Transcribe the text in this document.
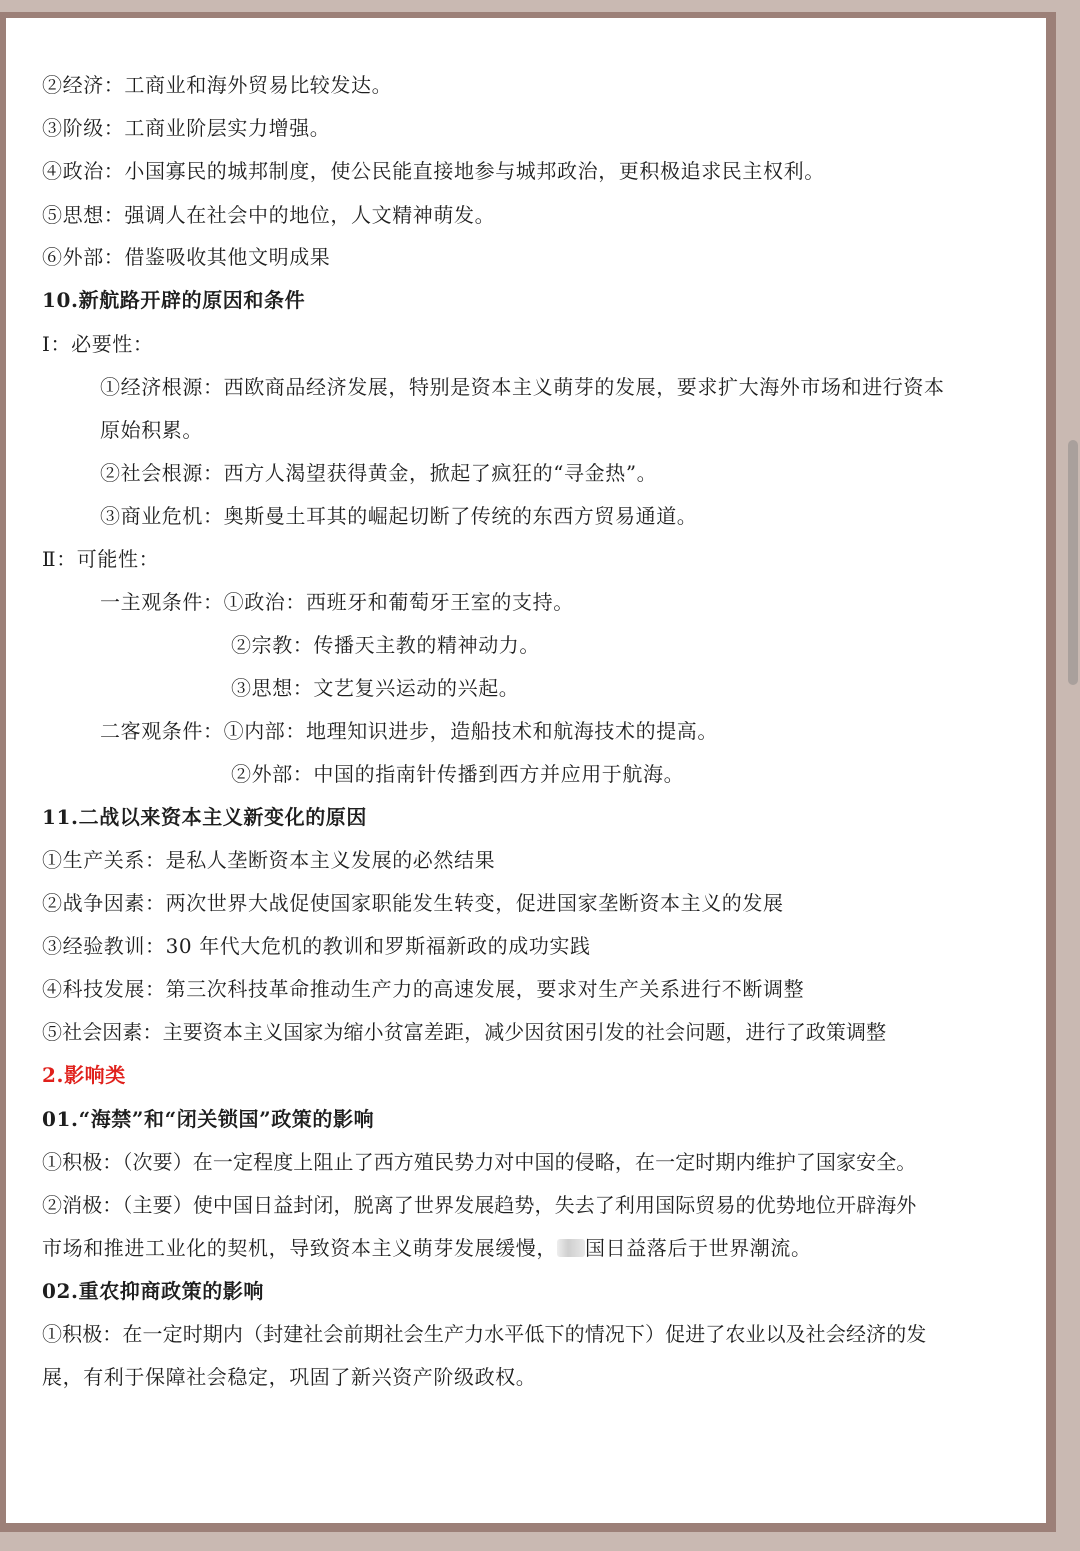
②经济：工商业和海外贸易比较发达。
③阶级：工商业阶层实力增强。
④政治：小国寡民的城邦制度，使公民能直接地参与城邦政治，更积极追求民主权利。
⑤思想：强调人在社会中的地位，人文精神萌发。
⑥外部：借鉴吸收其他文明成果
10.新航路开辟的原因和条件
Ⅰ：必要性：
①经济根源：西欧商品经济发展，特别是资本主义萌芽的发展，要求扩大海外市场和进行资本
原始积累。
②社会根源：西方人渴望获得黄金，掀起了疯狂的“寻金热”。
③商业危机：奥斯曼土耳其的崛起切断了传统的东西方贸易通道。
Ⅱ：可能性：
一主观条件：①政治：西班牙和葡萄牙王室的支持。
②宗教：传播天主教的精神动力。
③思想：文艺复兴运动的兴起。
二客观条件：①内部：地理知识进步，造船技术和航海技术的提高。
②外部：中国的指南针传播到西方并应用于航海。
11.二战以来资本主义新变化的原因
①生产关系：是私人垄断资本主义发展的必然结果
②战争因素：两次世界大战促使国家职能发生转变，促进国家垄断资本主义的发展
③经验教训：30 年代大危机的教训和罗斯福新政的成功实践
④科技发展：第三次科技革命推动生产力的高速发展，要求对生产关系进行不断调整
⑤社会因素：主要资本主义国家为缩小贫富差距，减少因贫困引发的社会问题，进行了政策调整
2.影响类
01.“海禁”和“闭关锁国”政策的影响
①积极：（次要）在一定程度上阻止了西方殖民势力对中国的侵略，在一定时期内维护了国家安全。
②消极：（主要）使中国日益封闭，脱离了世界发展趋势，失去了利用国际贸易的优势地位开辟海外
市场和推进工业化的契机，导致资本主义萌芽发展缓慢， 国日益落后于世界潮流。
02.重农抑商政策的影响
①积极：在一定时期内（封建社会前期社会生产力水平低下的情况下）促进了农业以及社会经济的发
展，有利于保障社会稳定，巩固了新兴资产阶级政权。
